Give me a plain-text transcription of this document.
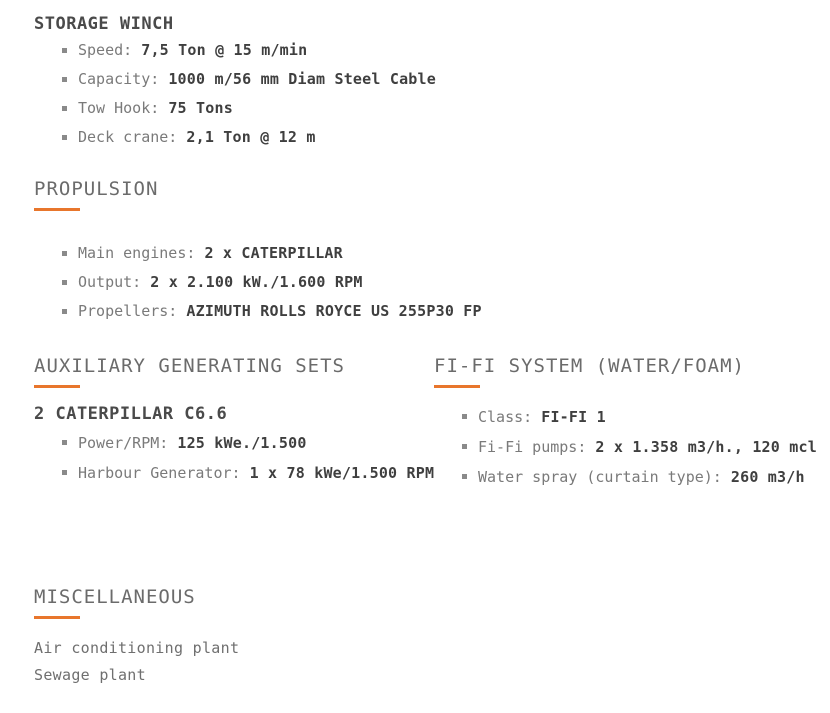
STORAGE WINCH
Speed: 7,5 Ton @ 15 m/min
Capacity: 1000 m/56 mm Diam Steel Cable
Tow Hook: 75 Tons
Deck crane: 2,1 Ton @ 12 m
PROPULSION
Main engines: 2 x CATERPILLAR
Output: 2 x 2.100 kW./1.600 RPM
Propellers: AZIMUTH ROLLS ROYCE US 255P30 FP
AUXILIARY GENERATING SETS
2 CATERPILLAR C6.6
Power/RPM: 125 kWe./1.500
Harbour Generator: 1 x 78 kWe/1.500 RPM
FI-FI SYSTEM (WATER/FOAM)
Class: FI-FI 1
Fi-Fi pumps: 2 x 1.358 m3/h., 120 mcl
Water spray (curtain type): 260 m3/h
MISCELLANEOUS
Air conditioning plant
Sewage plant
